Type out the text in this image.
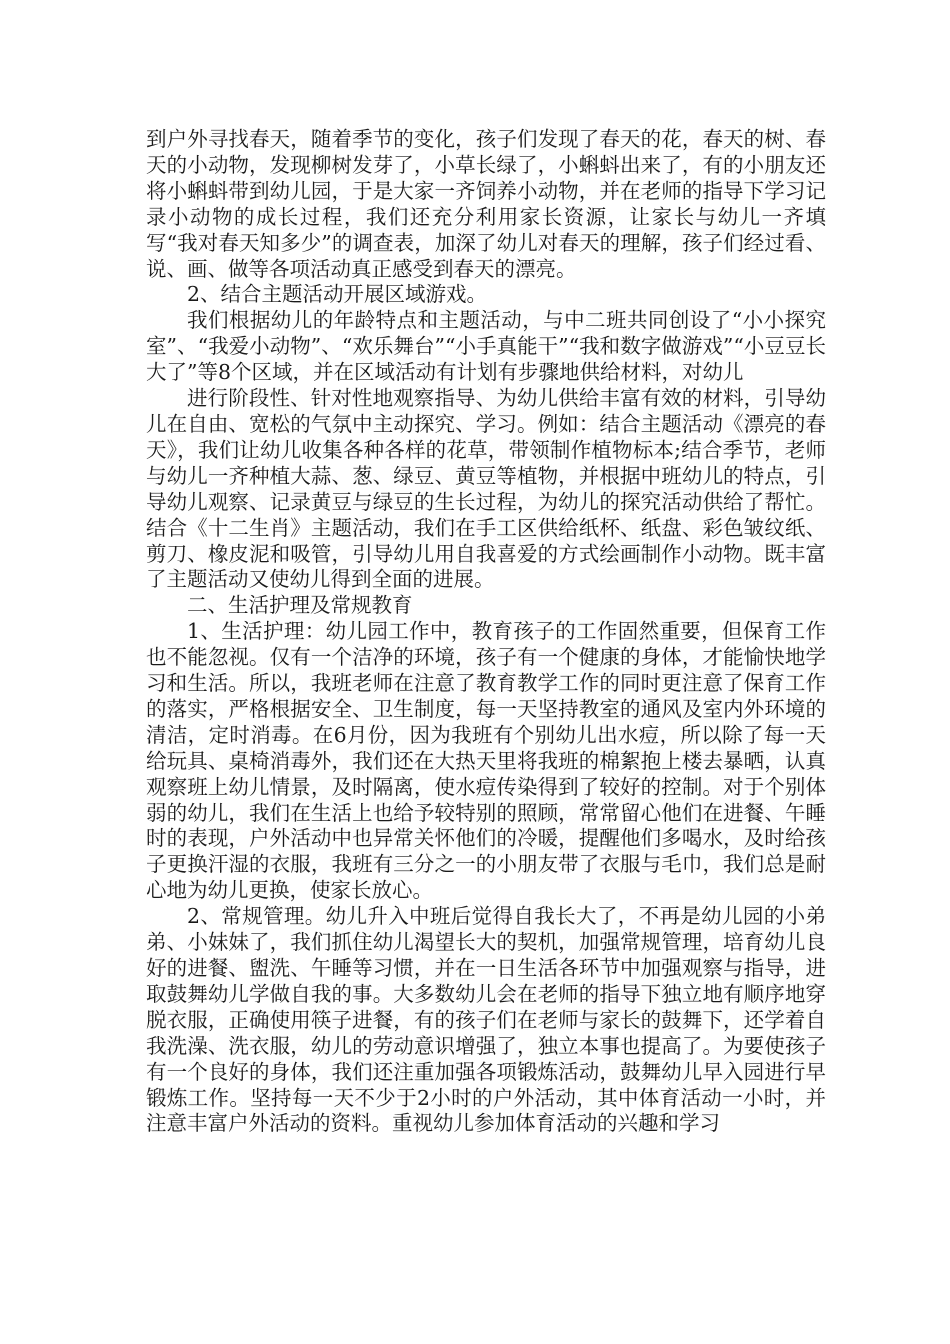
到户外寻找春天，随着季节的变化，孩子们发现了春天的花，春天的树、春天的小动物，发现柳树发芽了，小草长绿了，小蝌蚪出来了，有的小朋友还将小蝌蚪带到幼儿园，于是大家一齐饲养小动物，并在老师的指导下学习记录小动物的成长过程，我们还充分利用家长资源，让家长与幼儿一齐填写“我对春天知多少”的调查表，加深了幼儿对春天的理解，孩子们经过看、说、画、做等各项活动真正感受到春天的漂亮。

2、结合主题活动开展区域游戏。

我们根据幼儿的年龄特点和主题活动，与中二班共同创设了“小小探究室”、“我爱小动物”、“欢乐舞台”“小手真能干”“我和数字做游戏”“小豆豆长大了”等8个区域，并在区域活动有计划有步骤地供给材料，对幼儿

进行阶段性、针对性地观察指导、为幼儿供给丰富有效的材料，引导幼儿在自由、宽松的气氛中主动探究、学习。例如：结合主题活动《漂亮的春天》，我们让幼儿收集各种各样的花草，带领制作植物标本;结合季节，老师与幼儿一齐种植大蒜、葱、绿豆、黄豆等植物，并根据中班幼儿的特点，引导幼儿观察、记录黄豆与绿豆的生长过程，为幼儿的探究活动供给了帮忙。结合《十二生肖》主题活动，我们在手工区供给纸杯、纸盘、彩色皱纹纸、剪刀、橡皮泥和吸管，引导幼儿用自我喜爱的方式绘画制作小动物。既丰富了主题活动又使幼儿得到全面的进展。

二、生活护理及常规教育

1、生活护理：幼儿园工作中，教育孩子的工作固然重要，但保育工作也不能忽视。仅有一个洁净的环境，孩子有一个健康的身体，才能愉快地学习和生活。所以，我班老师在注意了教育教学工作的同时更注意了保育工作的落实，严格根据安全、卫生制度，每一天坚持教室的通风及室内外环境的清洁，定时消毒。在6月份，因为我班有个别幼儿出水痘，所以除了每一天给玩具、桌椅消毒外，我们还在大热天里将我班的棉絮抱上楼去暴晒，认真观察班上幼儿情景，及时隔离，使水痘传染得到了较好的控制。对于个别体弱的幼儿，我们在生活上也给予较特别的照顾，常常留心他们在进餐、午睡时的表现，户外活动中也异常关怀他们的冷暖，提醒他们多喝水，及时给孩子更换汗湿的衣服，我班有三分之一的小朋友带了衣服与毛巾，我们总是耐心地为幼儿更换，使家长放心。

2、常规管理。幼儿升入中班后觉得自我长大了，不再是幼儿园的小弟弟、小妹妹了，我们抓住幼儿渴望长大的契机，加强常规管理，培育幼儿良好的进餐、盥洗、午睡等习惯，并在一日生活各环节中加强观察与指导，进取鼓舞幼儿学做自我的事。大多数幼儿会在老师的指导下独立地有顺序地穿脱衣服，正确使用筷子进餐，有的孩子们在老师与家长的鼓舞下，还学着自我洗澡、洗衣服，幼儿的劳动意识增强了，独立本事也提高了。为要使孩子有一个良好的身体，我们还注重加强各项锻炼活动，鼓舞幼儿早入园进行早锻炼工作。坚持每一天不少于2小时的户外活动，其中体育活动一小时，并注意丰富户外活动的资料。重视幼儿参加体育活动的兴趣和学习
